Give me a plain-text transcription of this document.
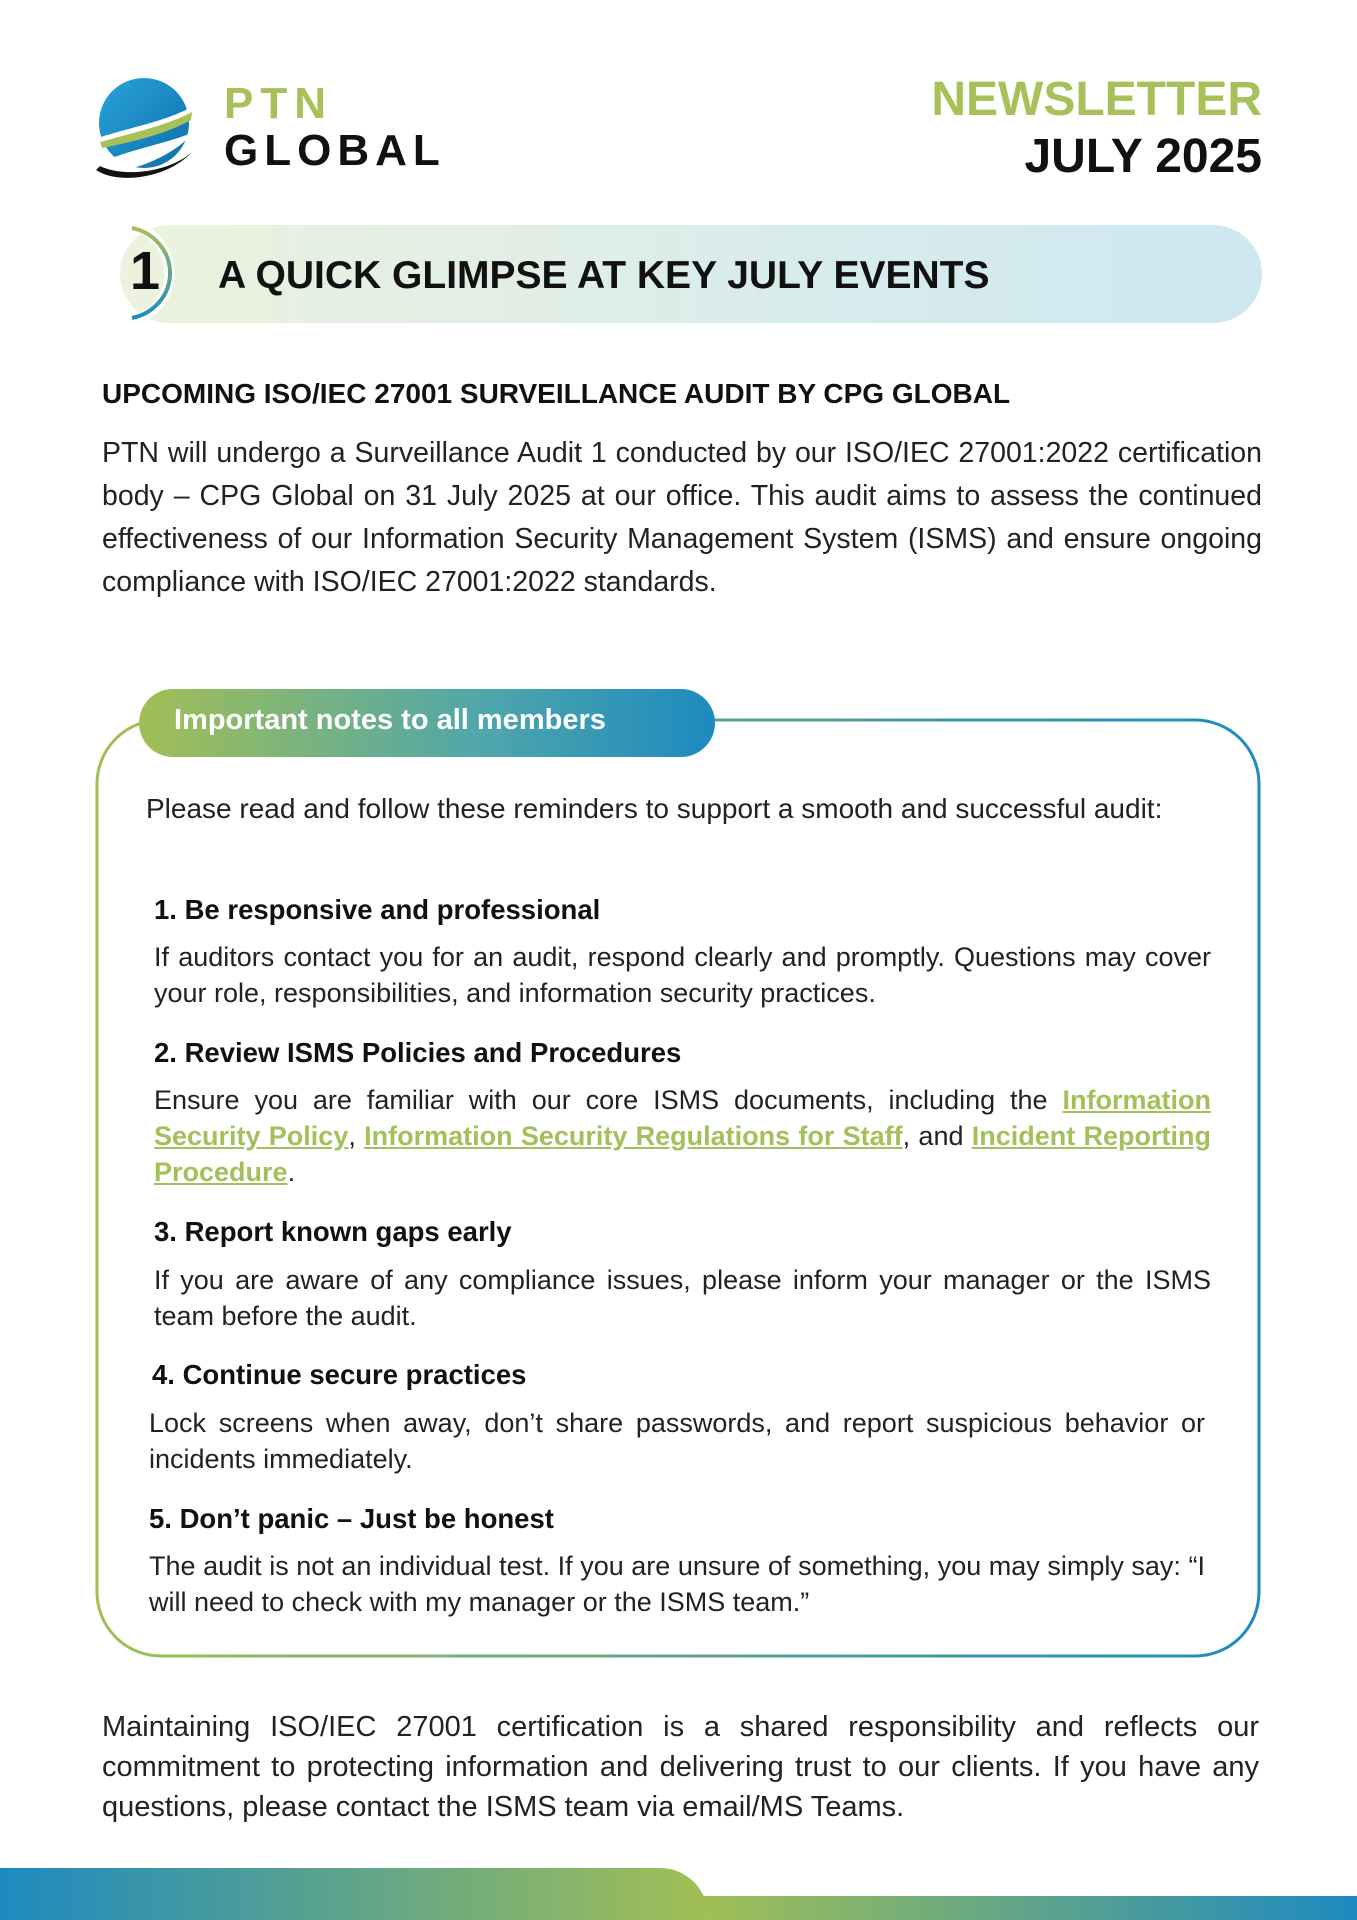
PTN
GLOBAL
NEWSLETTER
JULY 2025
1 A QUICK GLIMPSE AT KEY JULY EVENTS
UPCOMING ISO/IEC 27001 SURVEILLANCE AUDIT BY CPG GLOBAL
PTN will undergo a Surveillance Audit 1 conducted by our ISO/IEC 27001:2022 certification body – CPG Global on 31 July 2025 at our office. This audit aims to assess the continued effectiveness of our Information Security Management System (ISMS) and ensure ongoing compliance with ISO/IEC 27001:2022 standards.
Important notes to all members
Please read and follow these reminders to support a smooth and successful audit:
1. Be responsive and professional
If auditors contact you for an audit, respond clearly and promptly. Questions may cover your role, responsibilities, and information security practices.
2. Review ISMS Policies and Procedures
Ensure you are familiar with our core ISMS documents, including the Information Security Policy, Information Security Regulations for Staff, and Incident Reporting Procedure.
3. Report known gaps early
If you are aware of any compliance issues, please inform your manager or the ISMS team before the audit.
4. Continue secure practices
Lock screens when away, don’t share passwords, and report suspicious behavior or incidents immediately.
5. Don’t panic – Just be honest
The audit is not an individual test. If you are unsure of something, you may simply say: “I will need to check with my manager or the ISMS team.”
Maintaining ISO/IEC 27001 certification is a shared responsibility and reflects our commitment to protecting information and delivering trust to our clients. If you have any questions, please contact the ISMS team via email/MS Teams.
